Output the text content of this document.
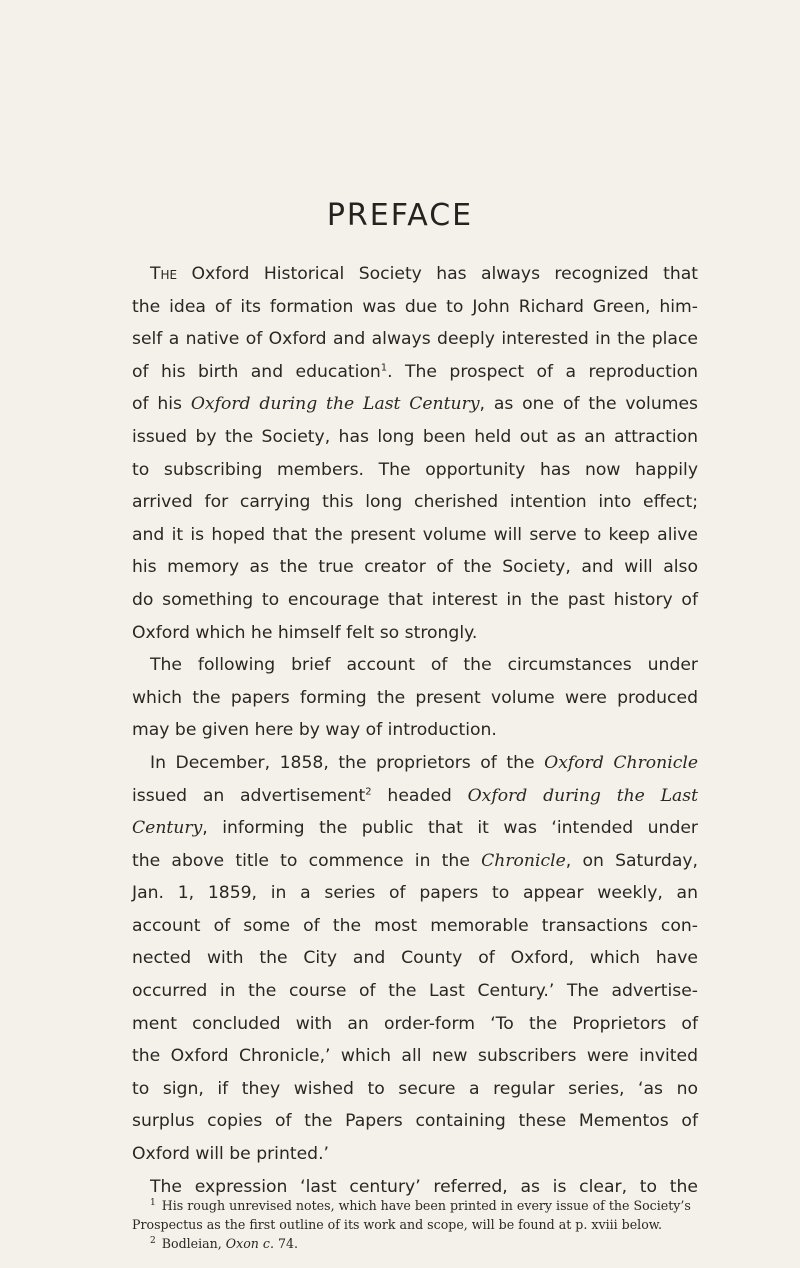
PREFACE
The Oxford Historical Society has always recognized that
the idea of its formation was due to John Richard Green, him-
self a native of Oxford and always deeply interested in the place
of his birth and education$^1$. The prospect of a reproduction
of his Oxford during the Last Century, as one of the volumes
issued by the Society, has long been held out as an attraction
to subscribing members. The opportunity has now happily
arrived for carrying this long cherished intention into effect;
and it is hoped that the present volume will serve to keep alive
his memory as the true creator of the Society, and will also
do something to encourage that interest in the past history of
Oxford which he himself felt so strongly.
The following brief account of the circumstances under
which the papers forming the present volume were produced
may be given here by way of introduction.
In December, 1858, the proprietors of the Oxford Chronicle
issued an advertisement$^2$ headed Oxford during the Last
Century, informing the public that it was ‘intended under
the above title to commence in the Chronicle, on Saturday,
Jan. 1, 1859, in a series of papers to appear weekly, an
account of some of the most memorable transactions con-
nected with the City and County of Oxford, which have
occurred in the course of the Last Century.’ The advertise-
ment concluded with an order-form ‘To the Proprietors of
the Oxford Chronicle,’ which all new subscribers were invited
to sign, if they wished to secure a regular series, ‘as no
surplus copies of the Papers containing these Mementos of
Oxford will be printed.’
The expression ‘last century’ referred, as is clear, to the
$^1$ His rough unrevised notes, which have been printed in every issue of the Society’s
Prospectus as the first outline of its work and scope, will be found at p. xviii below.
$^2$ Bodleian, Oxon c. 74.
